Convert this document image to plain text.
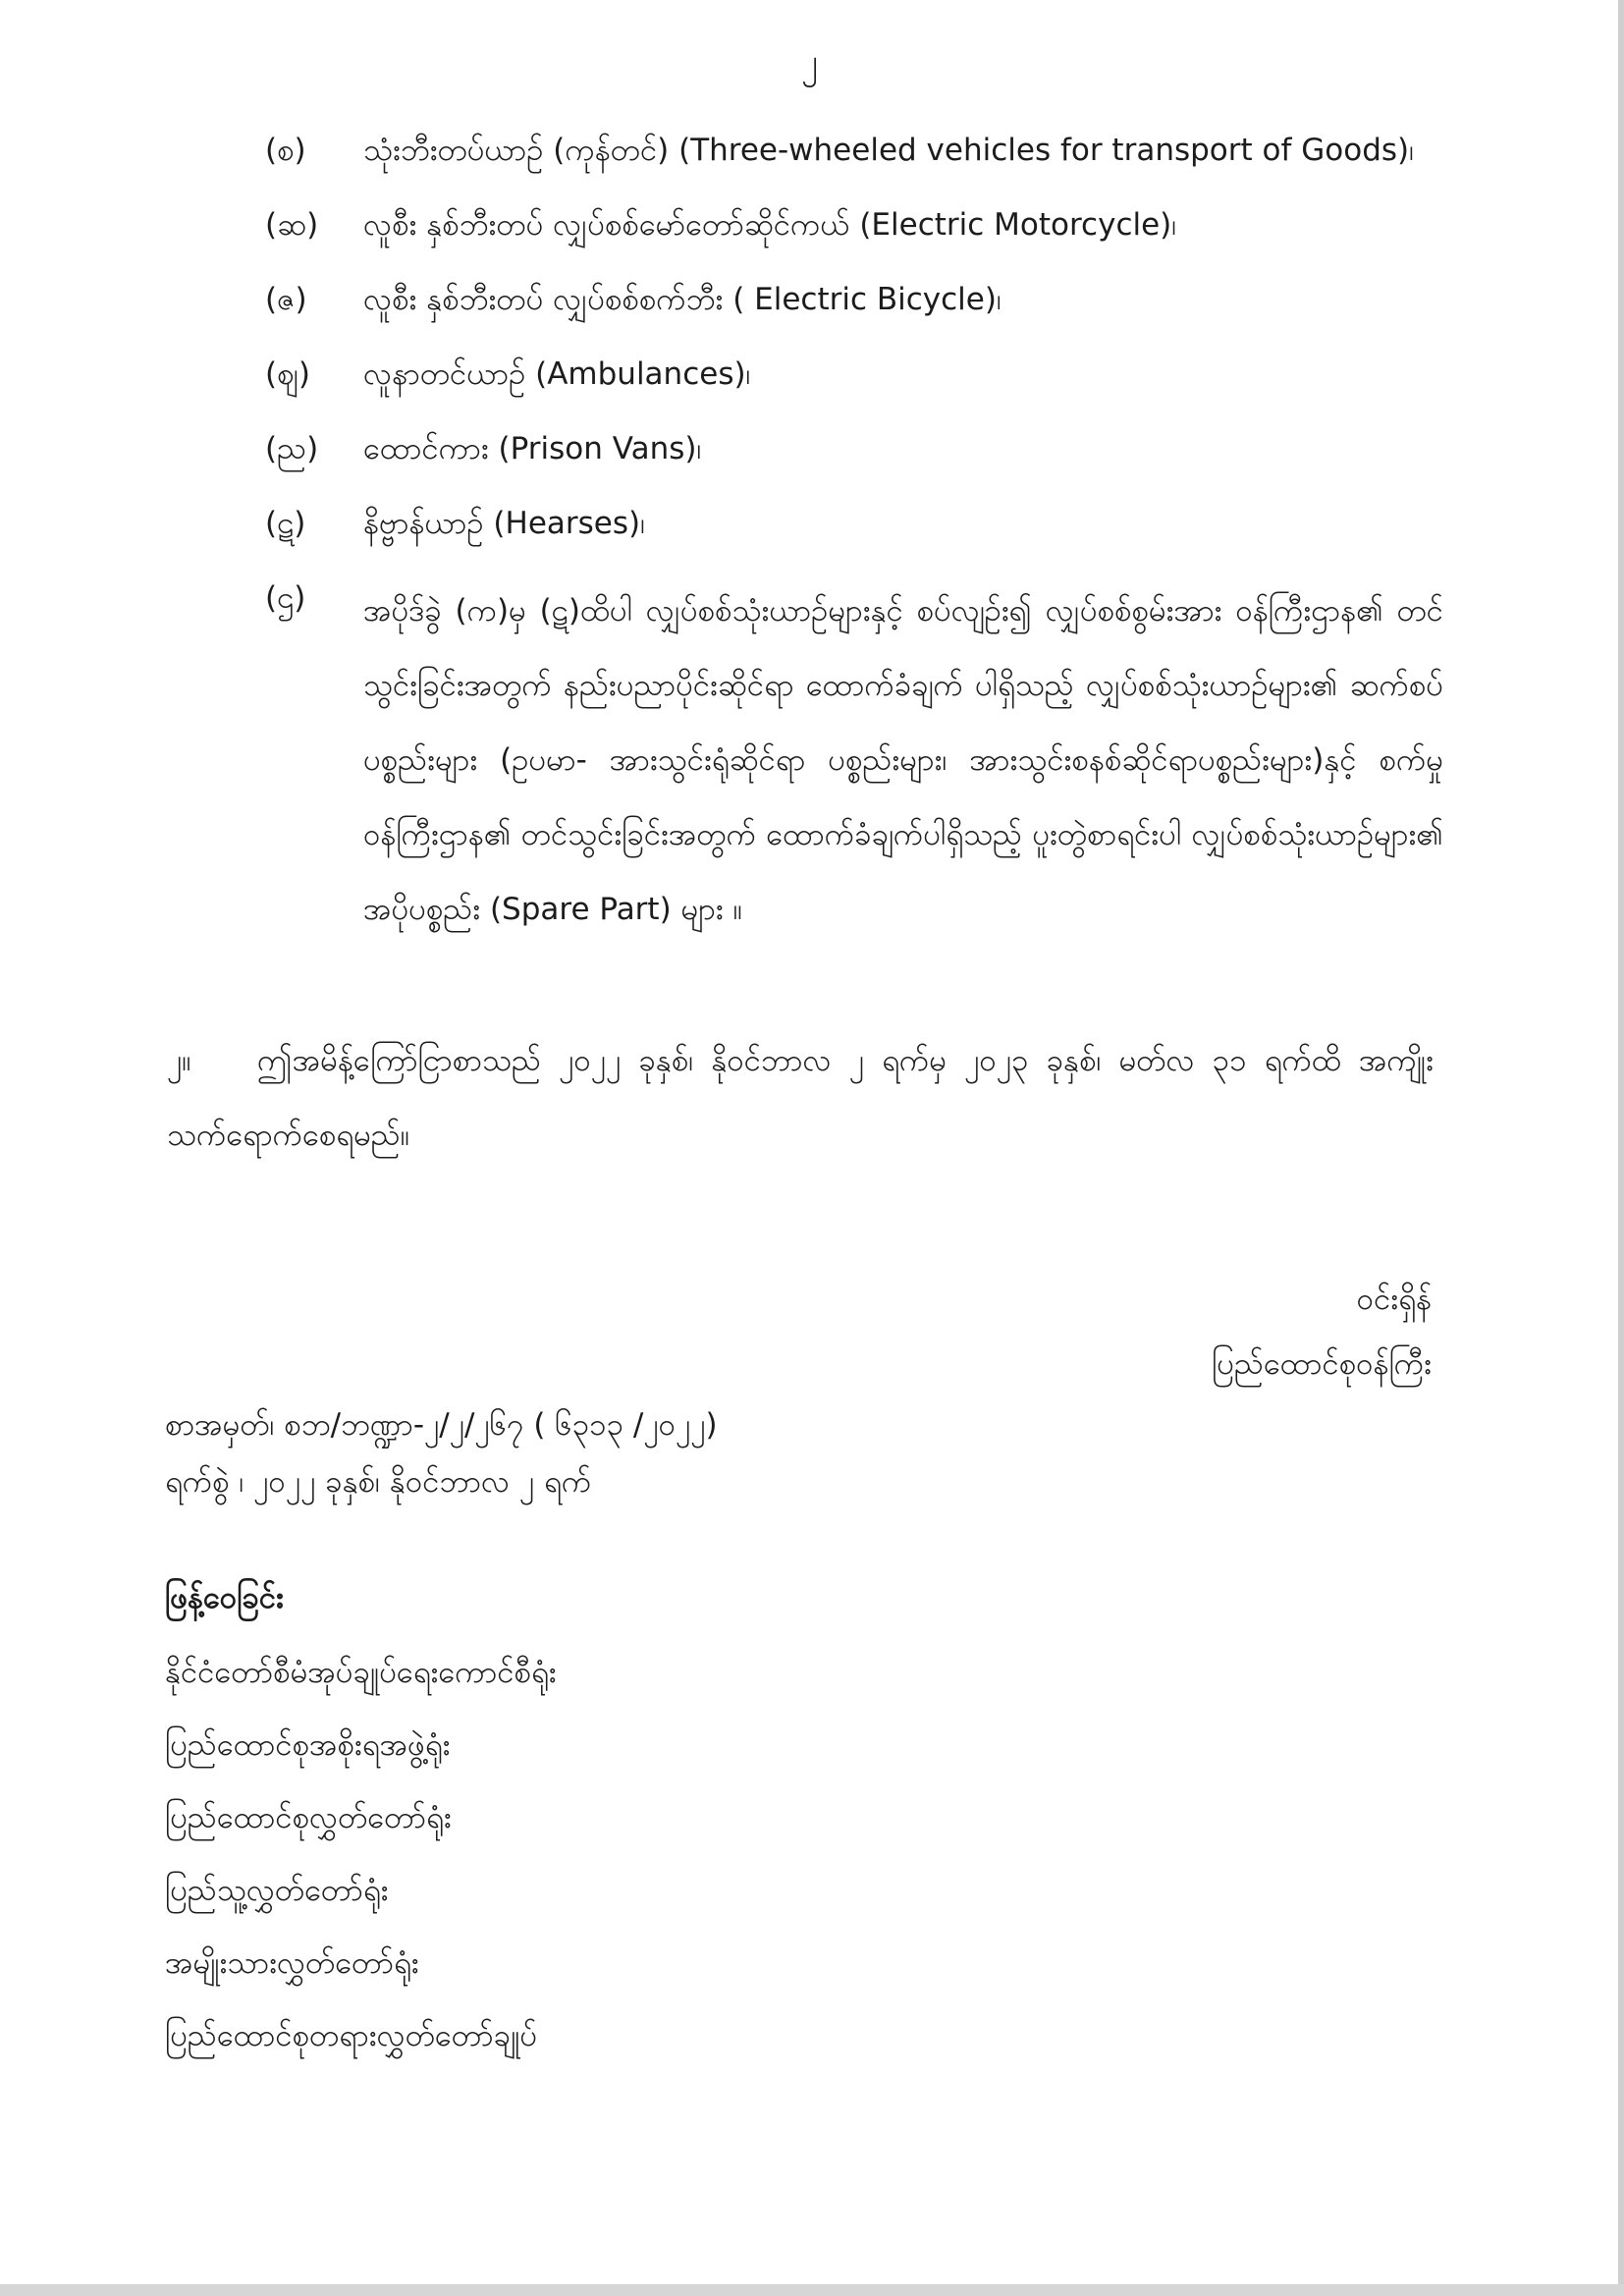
၂
(စ) သုံးဘီးတပ်ယာဉ် (ကုန်တင်) (Three-wheeled vehicles for transport of Goods)၊
(ဆ) လူစီး နှစ်ဘီးတပ် လျှပ်စစ်မော်တော်ဆိုင်ကယ် (Electric Motorcycle)၊
(ဇ) လူစီး နှစ်ဘီးတပ် လျှပ်စစ်စက်ဘီး ( Electric Bicycle)၊
(ဈ) လူနာတင်ယာဉ် (Ambulances)၊
(ည) ထောင်ကား (Prison Vans)၊
(ဋ) နိဗ္ဗာန်ယာဉ် (Hearses)၊
(ဌ) အပိုဒ်ခွဲ (က)မှ (ဋ)ထိပါ လျှပ်စစ်သုံးယာဉ်များနှင့် စပ်လျဉ်း၍ လျှပ်စစ်စွမ်းအား ဝန်ကြီးဌာန၏ တင်သွင်းခြင်းအတွက် နည်းပညာပိုင်းဆိုင်ရာ ထောက်ခံချက် ပါရှိသည့် လျှပ်စစ်သုံးယာဉ်များ၏ ဆက်စပ်ပစ္စည်းများ (ဥပမာ- အားသွင်းရုံဆိုင်ရာ ပစ္စည်းများ၊ အားသွင်းစနစ်ဆိုင်ရာပစ္စည်းများ)နှင့် စက်မှုဝန်ကြီးဌာန၏ တင်သွင်းခြင်းအတွက် ထောက်ခံချက်ပါရှိသည့် ပူးတွဲစာရင်းပါ လျှပ်စစ်သုံးယာဉ်များ၏ အပိုပစ္စည်း (Spare Part) များ ။
၂။ ဤအမိန့်ကြော်ငြာစာသည် ၂၀၂၂ ခုနှစ်၊ နိုဝင်ဘာလ ၂ ရက်မှ ၂၀၂၃ ခုနှစ်၊ မတ်လ ၃၁ ရက်ထိ အကျိုးသက်ရောက်စေရမည်။
ဝင်းရှိန်
ပြည်ထောင်စုဝန်ကြီး
စာအမှတ်၊ စဘ/ဘဏ္ဍာ-၂/၂/၂၆၇ ( ၆၃၁၃ /၂၀၂၂)
ရက်စွဲ ၊ ၂၀၂၂ ခုနှစ်၊ နိုဝင်ဘာလ ၂ ရက်
ဖြန့်ဝေခြင်း
နိုင်ငံတော်စီမံအုပ်ချုပ်ရေးကောင်စီရုံး
ပြည်ထောင်စုအစိုးရအဖွဲ့ရုံး
ပြည်ထောင်စုလွှတ်တော်ရုံး
ပြည်သူ့လွှတ်တော်ရုံး
အမျိုးသားလွှတ်တော်ရုံး
ပြည်ထောင်စုတရားလွှတ်တော်ချုပ်
